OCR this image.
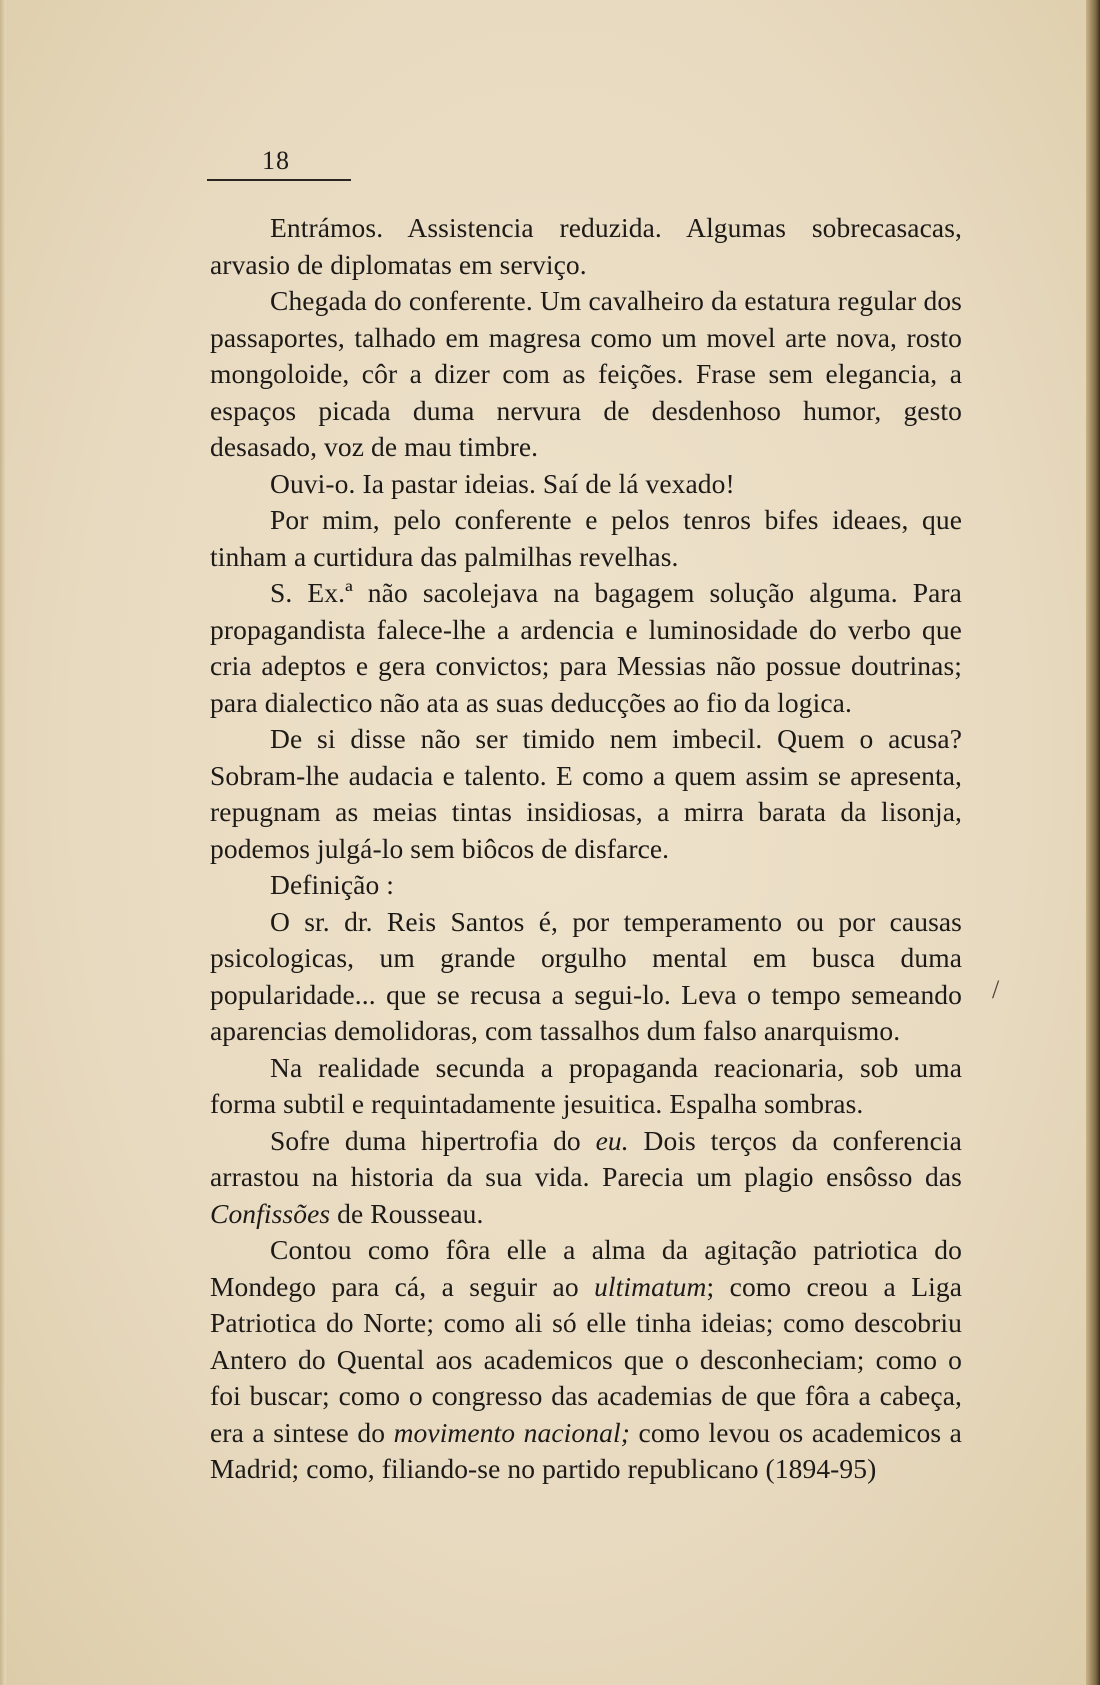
18

Entrámos. Assistencia reduzida. Algumas sobrecasacas, arvasio de diplomatas em serviço.

Chegada do conferente. Um cavalheiro da estatura regular dos passaportes, talhado em magresa como um movel arte nova, rosto mongoloide, côr a dizer com as feições. Frase sem elegancia, a espaços picada duma nervura de desdenhoso humor, gesto desasado, voz de mau timbre.

Ouvi-o. Ia pastar ideias. Saí de lá vexado!

Por mim, pelo conferente e pelos tenros bifes ideaes, que tinham a curtidura das palmilhas revelhas.

S. Ex.ª não sacolejava na bagagem solução alguma. Para propagandista falece-lhe a ardencia e luminosidade do verbo que cria adeptos e gera convictos; para Messias não possue doutrinas; para dialectico não ata as suas deducções ao fio da logica.

De si disse não ser timido nem imbecil. Quem o acusa? Sobram-lhe audacia e talento. E como a quem assim se apresenta, repugnam as meias tintas insidiosas, a mirra barata da lisonja, podemos julgá-lo sem biôcos de disfarce.

Definição :

O sr. dr. Reis Santos é, por temperamento ou por causas psicologicas, um grande orgulho mental em busca duma popularidade... que se recusa a segui-lo. Leva o tempo semeando aparencias demolidoras, com tassalhos dum falso anarquismo.

Na realidade secunda a propaganda reacionaria, sob uma forma subtil e requintadamente jesuitica. Espalha sombras.

Sofre duma hipertrofia do eu. Dois terços da conferencia arrastou na historia da sua vida. Parecia um plagio ensôsso das Confissões de Rousseau.

Contou como fôra elle a alma da agitação patriotica do Mondego para cá, a seguir ao ultimatum; como creou a Liga Patriotica do Norte; como ali só elle tinha ideias; como descobriu Antero do Quental aos academicos que o desconheciam; como o foi buscar; como o congresso das academias de que fôra a cabeça, era a sintese do movimento nacional; como levou os academicos a Madrid; como, filiando-se no partido republicano (1894-95)

/
